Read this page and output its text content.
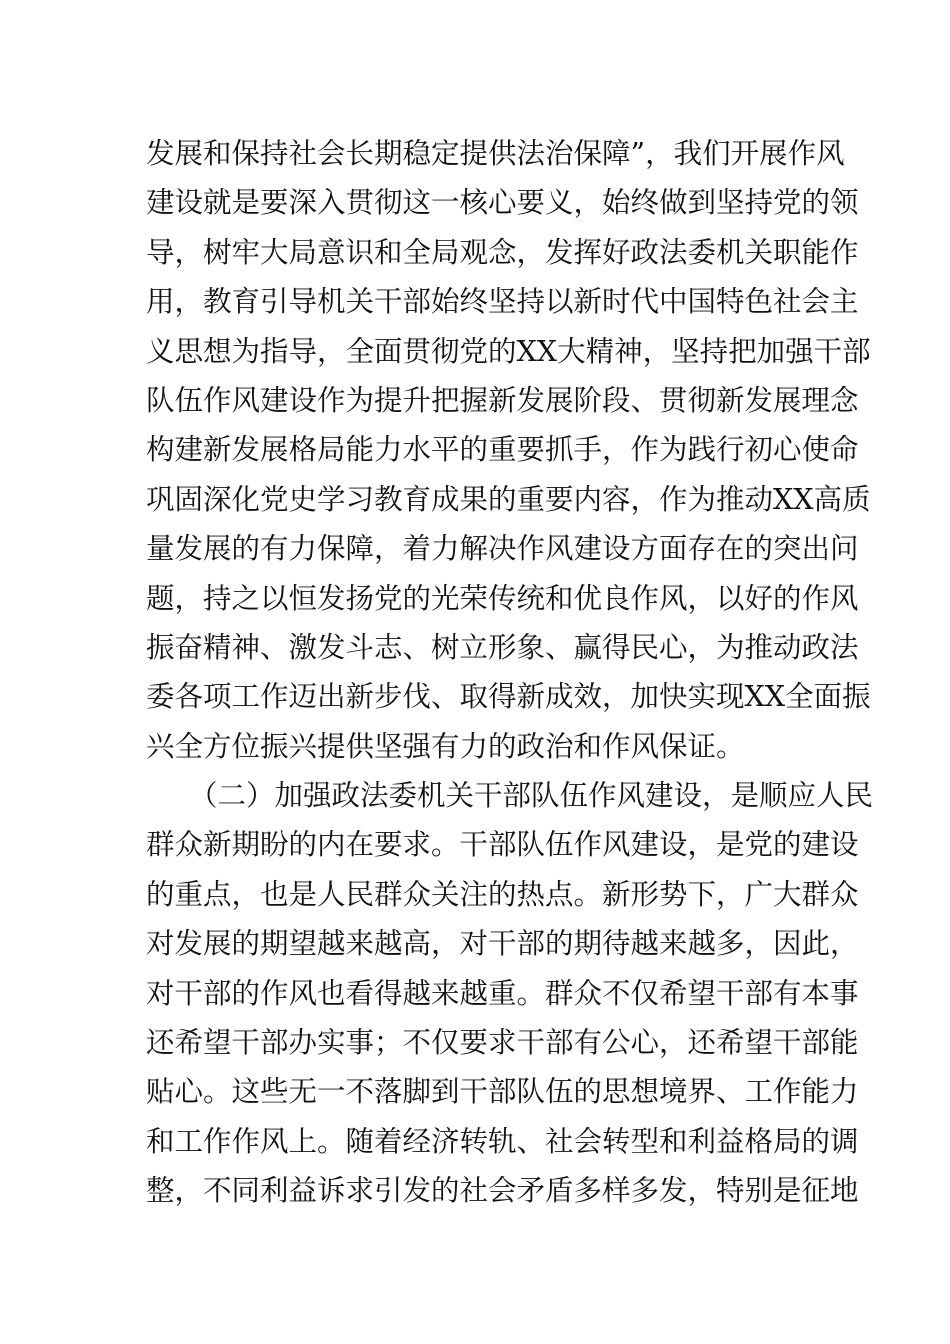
发展和保持社会长期稳定提供法治保障”，我们开展作风
建设就是要深入贯彻这一核心要义，始终做到坚持党的领
导，树牢大局意识和全局观念，发挥好政法委机关职能作
用，教育引导机关干部始终坚持以新时代中国特色社会主
义思想为指导，全面贯彻党的XX大精神，坚持把加强干部
队伍作风建设作为提升把握新发展阶段、贯彻新发展理念
构建新发展格局能力水平的重要抓手，作为践行初心使命
巩固深化党史学习教育成果的重要内容，作为推动XX高质
量发展的有力保障，着力解决作风建设方面存在的突出问
题，持之以恒发扬党的光荣传统和优良作风，以好的作风
振奋精神、激发斗志、树立形象、赢得民心，为推动政法
委各项工作迈出新步伐、取得新成效，加快实现XX全面振
兴全方位振兴提供坚强有力的政治和作风保证。
（二）加强政法委机关干部队伍作风建设，是顺应人民
群众新期盼的内在要求。干部队伍作风建设，是党的建设
的重点，也是人民群众关注的热点。新形势下，广大群众
对发展的期望越来越高，对干部的期待越来越多，因此，
对干部的作风也看得越来越重。群众不仅希望干部有本事
还希望干部办实事；不仅要求干部有公心，还希望干部能
贴心。这些无一不落脚到干部队伍的思想境界、工作能力
和工作作风上。随着经济转轨、社会转型和利益格局的调
整，不同利益诉求引发的社会矛盾多样多发，特别是征地
